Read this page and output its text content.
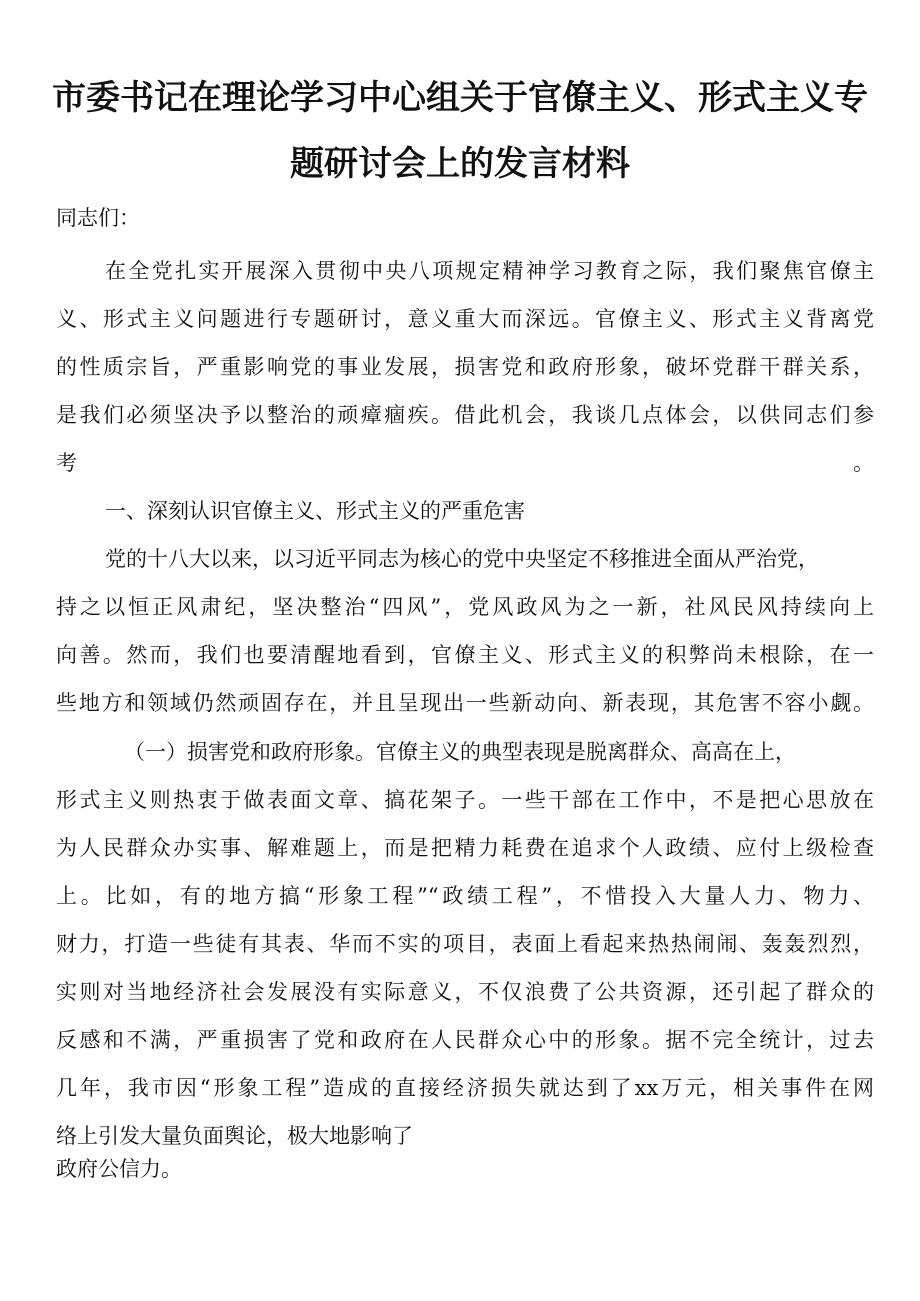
市委书记在理论学习中心组关于官僚主义、形式主义专
题研讨会上的发言材料
同志们：
在全党扎实开展深入贯彻中央八项规定精神学习教育之际，我们聚焦官僚主
义、形式主义问题进行专题研讨，意义重大而深远。官僚主义、形式主义背离党
的性质宗旨，严重影响党的事业发展，损害党和政府形象，破坏党群干群关系，
是我们必须坚决予以整治的顽瘴痼疾。借此机会，我谈几点体会，以供同志们参
考。
一、深刻认识官僚主义、形式主义的严重危害
党的十八大以来，以习近平同志为核心的党中央坚定不移推进全面从严治党，
持之以恒正风肃纪，坚决整治“四风”，党风政风为之一新，社风民风持续向上
向善。然而，我们也要清醒地看到，官僚主义、形式主义的积弊尚未根除，在一
些地方和领域仍然顽固存在，并且呈现出一些新动向、新表现，其危害不容小觑。
（一）损害党和政府形象。官僚主义的典型表现是脱离群众、高高在上，
形式主义则热衷于做表面文章、搞花架子。一些干部在工作中，不是把心思放在
为人民群众办实事、解难题上，而是把精力耗费在追求个人政绩、应付上级检查
上。比如，有的地方搞“形象工程”“政绩工程”，不惜投入大量人力、物力、
财力，打造一些徒有其表、华而不实的项目，表面上看起来热热闹闹、轰轰烈烈，
实则对当地经济社会发展没有实际意义，不仅浪费了公共资源，还引起了群众的
反感和不满，严重损害了党和政府在人民群众心中的形象。据不完全统计，过去
几年，我市因“形象工程”造成的直接经济损失就达到了xx万元，相关事件在网
络上引发大量负面舆论，极大地影响了
政府公信力。
